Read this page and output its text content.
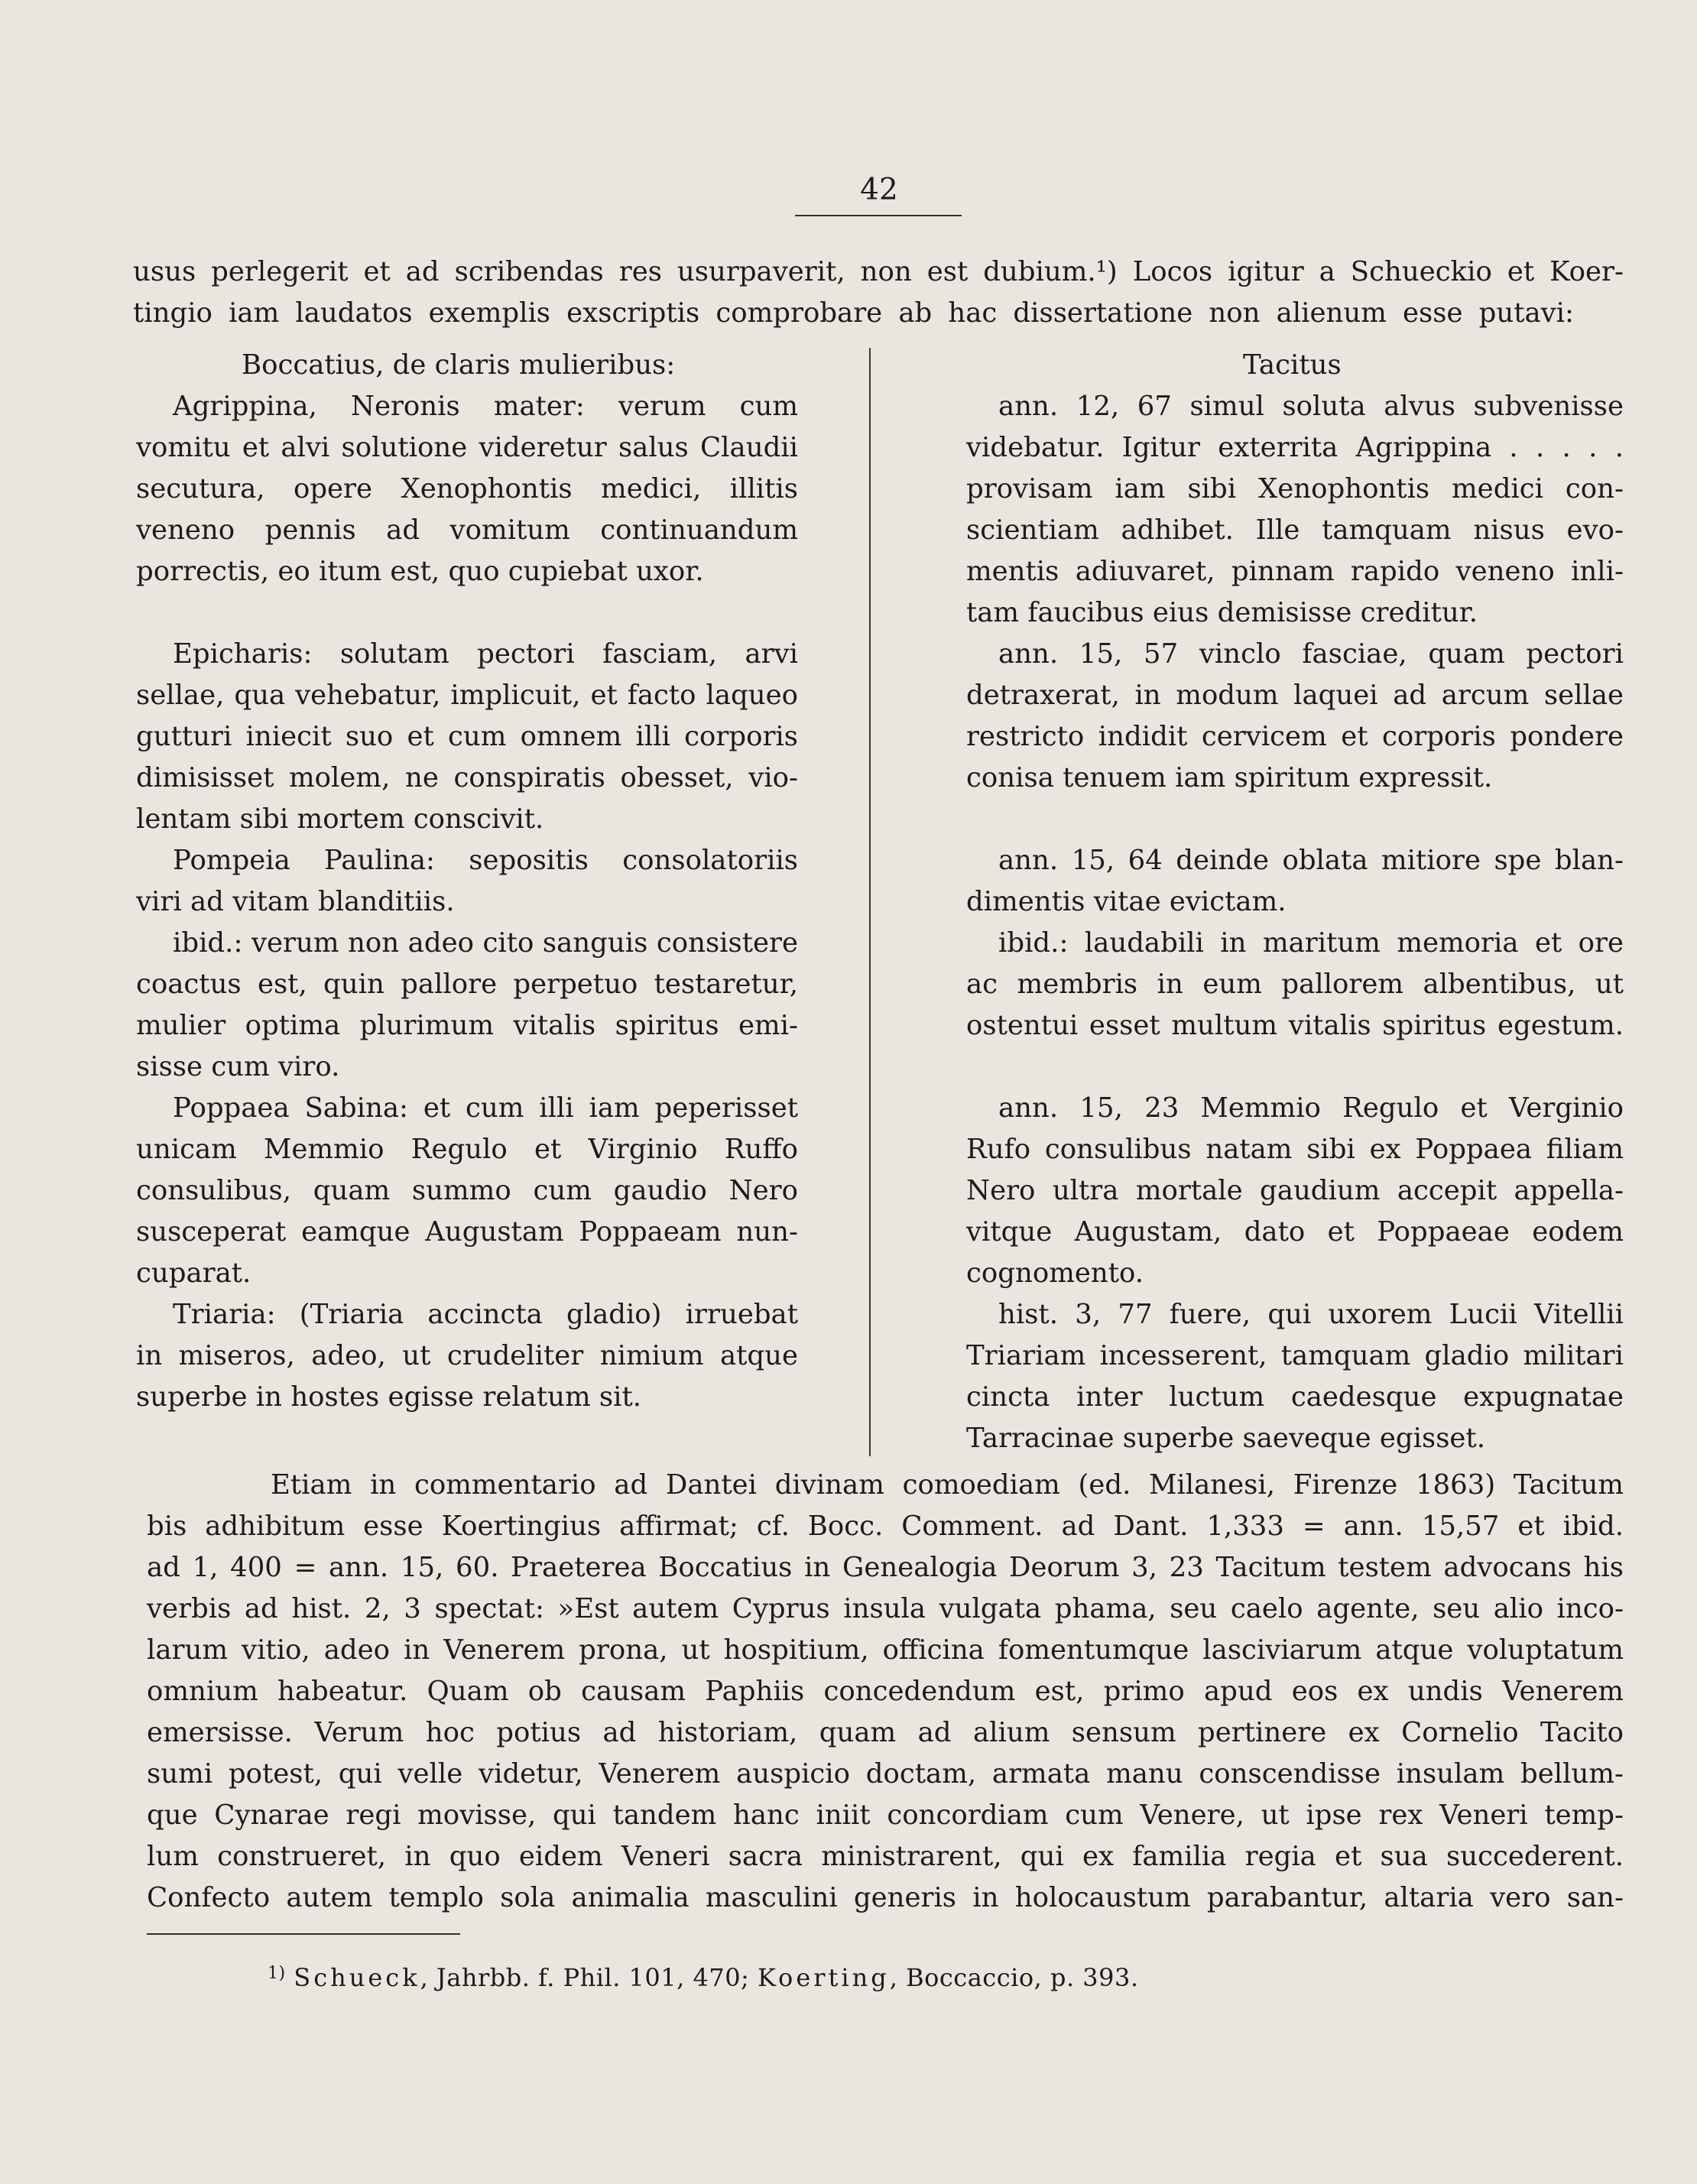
42
usus perlegerit et ad scribendas res usurpaverit, non est dubium.¹) Locos igitur a Schueckio et Koer-
tingio iam laudatos exemplis exscriptis comprobare ab hac dissertatione non alienum esse putavi:
Boccatius, de claris mulieribus:	Tacitus
Agrippina, Neronis mater: verum cum
vomitu et alvi solutione videretur salus Claudii
secutura, opere Xenophontis medici, illitis
veneno pennis ad vomitum continuandum
porrectis, eo itum est, quo cupiebat uxor.
Epicharis: solutam pectori fasciam, arvi
sellae, qua vehebatur, implicuit, et facto laqueo
gutturi iniecit suo et cum omnem illi corporis
dimisisset molem, ne conspiratis obesset, vio-
lentam sibi mortem conscivit.
Pompeia Paulina: sepositis consolatoriis
viri ad vitam blanditiis.
ibid.: verum non adeo cito sanguis consistere
coactus est, quin pallore perpetuo testaretur,
mulier optima plurimum vitalis spiritus emi-
sisse cum viro.
Poppaea Sabina: et cum illi iam peperisset
unicam Memmio Regulo et Virginio Ruffo
consulibus, quam summo cum gaudio Nero
susceperat eamque Augustam Poppaeam nun-
cuparat.
Triaria: (Triaria accincta gladio) irruebat
in miseros, adeo, ut crudeliter nimium atque
superbe in hostes egisse relatum sit.
ann. 12, 67 simul soluta alvus subvenisse
videbatur. Igitur exterrita Agrippina . . . . .
provisam iam sibi Xenophontis medici con-
scientiam adhibet. Ille tamquam nisus evo-
mentis adiuvaret, pinnam rapido veneno inli-
tam faucibus eius demisisse creditur.
ann. 15, 57 vinclo fasciae, quam pectori
detraxerat, in modum laquei ad arcum sellae
restricto indidit cervicem et corporis pondere
conisa tenuem iam spiritum expressit.
ann. 15, 64 deinde oblata mitiore spe blan-
dimentis vitae evictam.
ibid.: laudabili in maritum memoria et ore
ac membris in eum pallorem albentibus, ut
ostentui esset multum vitalis spiritus egestum.
ann. 15, 23 Memmio Regulo et Verginio
Rufo consulibus natam sibi ex Poppaea filiam
Nero ultra mortale gaudium accepit appella-
vitque Augustam, dato et Poppaeae eodem
cognomento.
hist. 3, 77 fuere, qui uxorem Lucii Vitellii
Triariam incesserent, tamquam gladio militari
cincta inter luctum caedesque expugnatae
Tarracinae superbe saeveque egisset.
Etiam in commentario ad Dantei divinam comoediam (ed. Milanesi, Firenze 1863) Tacitum
bis adhibitum esse Koertingius affirmat; cf. Bocc. Comment. ad Dant. 1,333 = ann. 15,57 et ibid.
ad 1, 400 = ann. 15, 60. Praeterea Boccatius in Genealogia Deorum 3, 23 Tacitum testem advocans his
verbis ad hist. 2, 3 spectat: »Est autem Cyprus insula vulgata phama, seu caelo agente, seu alio inco-
larum vitio, adeo in Venerem prona, ut hospitium, officina fomentumque lasciviarum atque voluptatum
omnium habeatur. Quam ob causam Paphiis concedendum est, primo apud eos ex undis Venerem
emersisse. Verum hoc potius ad historiam, quam ad alium sensum pertinere ex Cornelio Tacito
sumi potest, qui velle videtur, Venerem auspicio doctam, armata manu conscendisse insulam bellum-
que Cynarae regi movisse, qui tandem hanc iniit concordiam cum Venere, ut ipse rex Veneri temp-
lum construeret, in quo eidem Veneri sacra ministrarent, qui ex familia regia et sua succederent.
Confecto autem templo sola animalia masculini generis in holocaustum parabantur, altaria vero san-
$^{1)}$ Schueck, Jahrbb. f. Phil. 101, 470; Koerting, Boccaccio, p. 393.
